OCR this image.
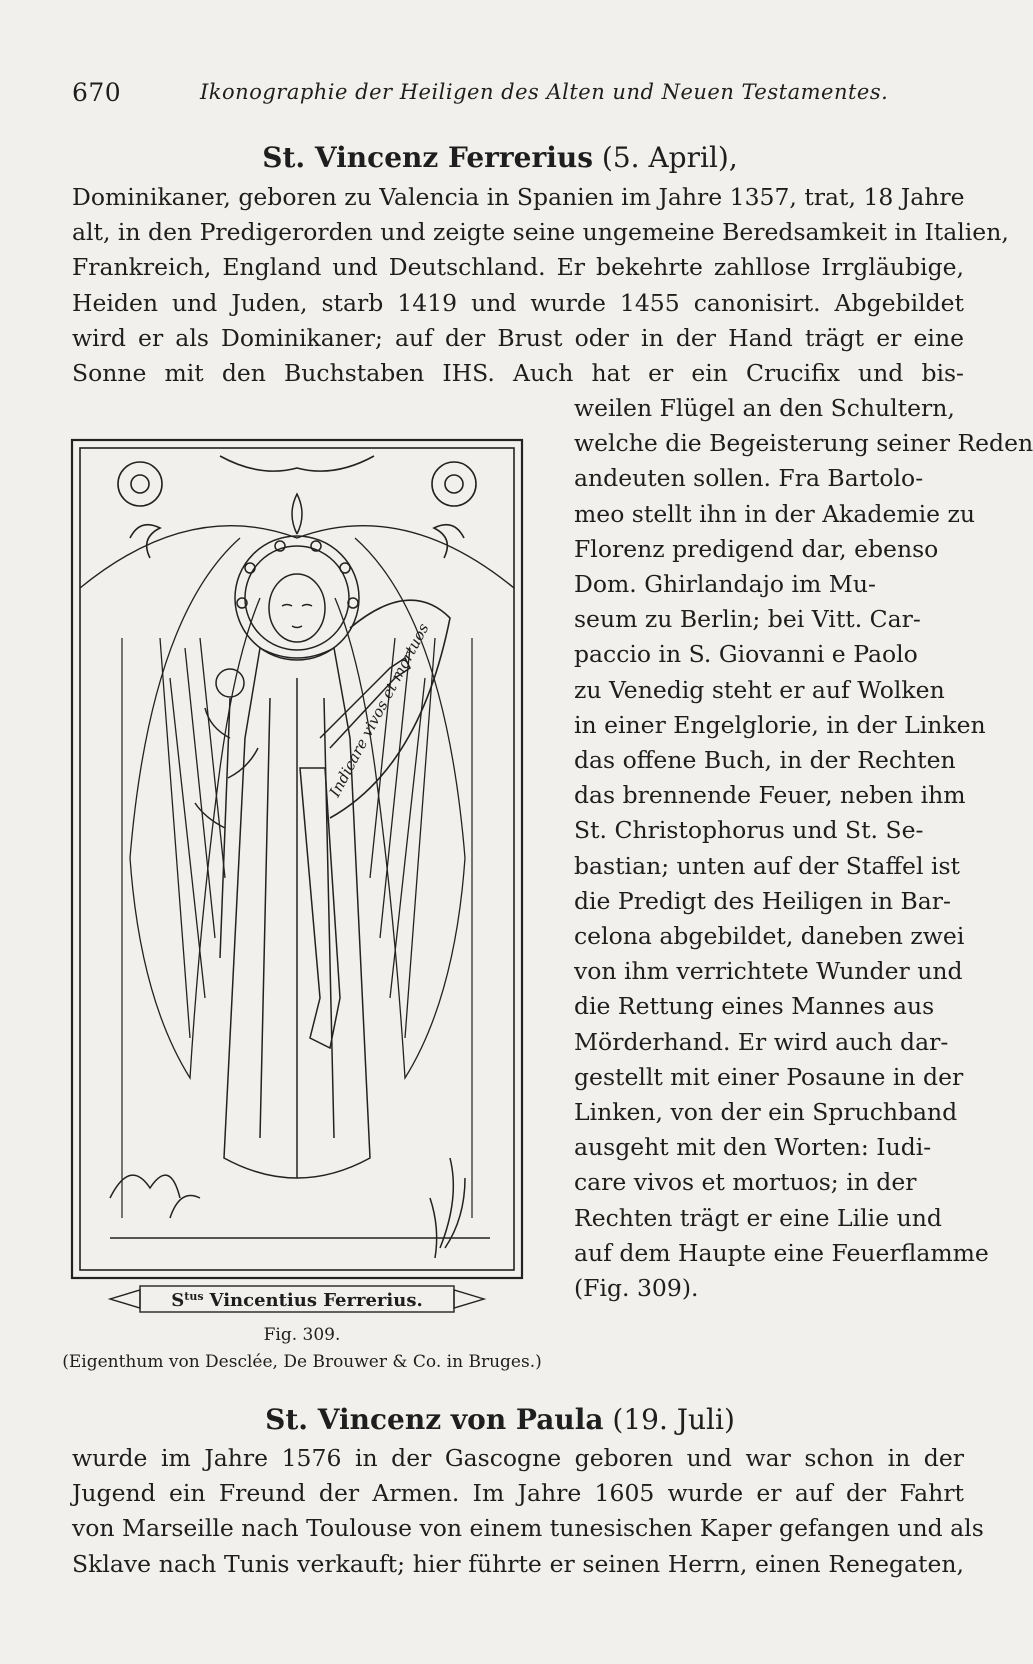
670	Ikonographie der Heiligen des Alten und Neuen Testamentes.
St. Vincenz Ferrerius (5. April),
Dominikaner, geboren zu Valencia in Spanien im Jahre 1357, trat, 18 Jahre
alt, in den Predigerorden und zeigte seine ungemeine Beredsamkeit in Italien,
Frankreich, England und Deutschland. Er bekehrte zahllose Irrgläubige,
Heiden und Juden, starb 1419 und wurde 1455 canonisirt. Abgebildet
wird er als Dominikaner; auf der Brust oder in der Hand trägt er eine
Sonne mit den Buchstaben IHS. Auch hat er ein Crucifix und bis-
weilen Flügel an den Schultern,
welche die Begeisterung seiner Reden
andeuten sollen. Fra Bartolo-
meo stellt ihn in der Akademie zu
Florenz predigend dar, ebenso
Dom. Ghirlandajo im Mu-
seum zu Berlin; bei Vitt. Car-
paccio in S. Giovanni e Paolo
zu Venedig steht er auf Wolken
in einer Engelglorie, in der Linken
das offene Buch, in der Rechten
das brennende Feuer, neben ihm
St. Christophorus und St. Se-
bastian; unten auf der Staffel ist
die Predigt des Heiligen in Bar-
celona abgebildet, daneben zwei
von ihm verrichtete Wunder und
die Rettung eines Mannes aus
Mörderhand. Er wird auch dar-
gestellt mit einer Posaune in der
Linken, von der ein Spruchband
ausgeht mit den Worten: Iudi-
care vivos et mortuos; in der
Rechten trägt er eine Lilie und
auf dem Haupte eine Feuerflamme
(Fig. 309).
Indicare vivos et mortuos
$S^{tus}$ Vincentius Ferrerius.
Fig. 309.
(Eigenthum von Desclée, De Brouwer & Co. in Bruges.)
St. Vincenz von Paula (19. Juli)
wurde im Jahre 1576 in der Gascogne geboren und war schon in der
Jugend ein Freund der Armen. Im Jahre 1605 wurde er auf der Fahrt
von Marseille nach Toulouse von einem tunesischen Kaper gefangen und als
Sklave nach Tunis verkauft; hier führte er seinen Herrn, einen Renegaten,
